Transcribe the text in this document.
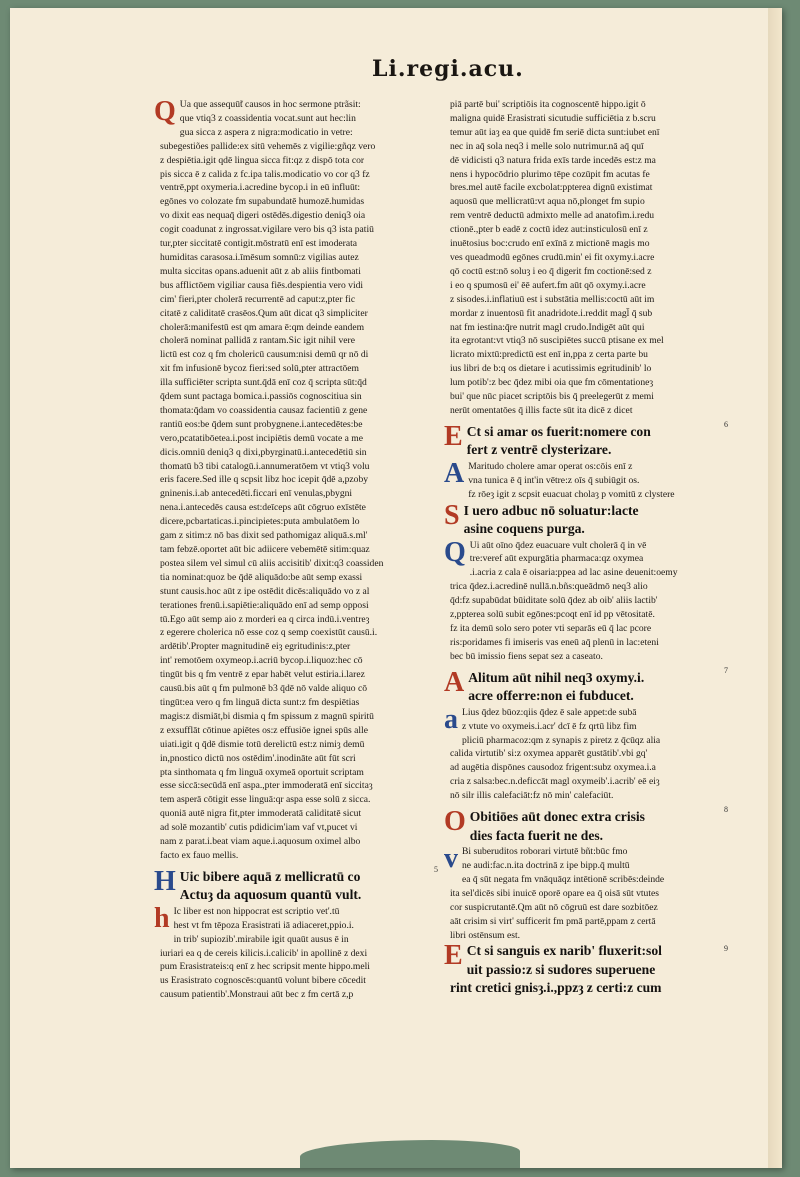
Li.regi.acu.
Q Ua que assequū̃t causos in hoc sermone ptrãsit:
que vtiq3 z coassidentia vocat.sunt aut hec:lin
gua sicca z aspera z nigra:modicatio in vetre:
subegestiões pallide:ex sitū vehemēs z vigilie:gñqz vero
z despiētia.igit qdē lingua sicca fit:qz z dispō tota cor
pis sicca ē z calida z fc.ipa talis.modicatio vo cor q3 fz
ventrē,ppt oxymeria.i.acredine bycop.i in eū influūt:
egōnes vo colozate fm supabundatē humozē.humidas
vo dixit eas nequaq̄ digeri ostēdēs.digestio deniq3 oia
cogit coadunat z ingrossat.vigilare vero bis q3 ista patiū
tur,pter siccitatē contigit.mōstratū enī est imoderata
humiditas carasosa.i.īmēsum somnū:z vigilias autez
multa siccitas opans.aduenit aūt z ab aliis fintbomati
bus afflictōem vigiliar causa fiēs.despientia vero vidi
cim' fieri,pter cholerā recurrentē ad caput:z,pter fic
citatē z caliditatē crasēos.Qum aūt dicat q3 simpliciter
cholerā:manifestū est qm amara ē:qm deinde eandem
cholerā nominat pallidā z rantam.Sic igit nihil vere
lictū est coz q fm cholericū causum:nisi demū qr nō di
xit fm infusionē bycoz fieri:sed solū,pter attractōem
illa sufficiēter scripta sunt.q̄dā enī coz q̄ scripta sūt:q̄d
q̄dem sunt pactaga bomica.i.passiōs cognoscitiua sin
thomata:q̄dam vo coassidentia causaz facientiū z gene
rantiū eos:be q̄dem sunt probygnene.i.antecedētes:be
vero,pcatatibōetea.i.post incipiētis demū vocate a me
dicis.omniū deniq3 q dixi,pbyrginatū.i.antecedētiū sin
thomatū b3 tibi catalogū.i.annumeratōem vt vtiq3 volu
eris facere.Sed ille q scpsit libz hoc icepit q̄dē a,pzoby
gninenis.i.ab antecedēti.ficcari enī venulas,pbygni
nena.i.antecedēs causa est:deīceps aūt cōgruo exīstēte
dicere,pcbartaticas.i.pincipietes:puta ambulatōem lo
gam z sitim:z nō bas dixit sed pathomigaz aliquā.s.ml'
tam febzē.oportet aūt bic adiicere vebemētē sitim:quaz
postea silem vel simul cū aliis accisitib' dixit:q3 coassiden
tia nominat:quoz be q̄dē aliquādo:be aūt semp exassi
stunt causis.hoc aūt z ipe ostēdit dicēs:aliquādo vo z al
terationes frenū.i.sapiētie:aliquādo enī ad semp opposi
tū.Ego aūt semp aio z morderi ea q circa indū.i.ventreȝ
z egerere cholerica nō esse coz q semp coexistūt causū.i.
ardētib'.Propter magnitudinē eiȝ egritudinis:z,pter
int' remotōem oxymeop.i.acriū bycop.i.liquoz:hec cō
tingūt bis q fm ventrē z epar habēt velut estiria.i.larez
causū.bis aūt q fm pulmonē b3 q̄dē nō valde aliquo cō
tingūt:ea vero q fm linguā dicta sunt:z fm despiētias
magis:z dismiāt,bi dismia q fm spissum z magnū spiritū
z exsufflāt cōtinue apiētes os:z effusiōe ignei spūs alle
uiati.igit q q̄dē dismie totū derelictū est:z nimiȝ demū
in,pnostico dictū nos ostēdim'.inodināte aūt fūt scri
pta sinthomata q fm linguā oxymeā oportuit scriptam
esse siccā:secūdā enī aspa.,pter immoderatā enī siccitaȝ
tem asperā cōtigit esse linguā:qr aspa esse solū z sicca.
quoniā autē nigra fit,pter immoderatā caliditatē sicut
ad solē mozantib' cutis pdidicim'iam vaf vt,pucet vi
nam z parat.i.beat viam aque.i.aquosum oximel albo
facto ex fauo mellis.
5
H Uic bibere aquā z mellicratū co
Actuȝ da aquosum quantū vult.
h Ic liber est non hippocrat est scriptio vet'.tū
hest vt fm tēpoza Erasistrati iā adiaceret,ppio.i.
in trib' supiozib'.mirabile igit quaūt ausus ē in
iuriari ea q de cereis kilicis.i.calicib' in apollinē z dexi
pum Erasistrateis:q enī z hec scripsit mente hippo.meli
us Erasistrato cognoscēs:quantū volunt bibere cōcedit
causum patientib'.Monstraui aūt bec z fm certā z,p
piā partē bui' scriptiōis ita cognoscentē hippo.igit ō
maligna quidē Erasistrati sicutudie sufficiētia z b.scru
temur aūt iaȝ ea que quidē fm seriē dicta sunt:iubet enī
nec in aq̄ sola neq3 i melle solo nutrimur.nā aq̄ quī
dē vidicisti q3 natura frida exīs tarde incedēs est:z ma
nens i hypocōdrio plurimo tēpe cozūpit fm acutas fe
bres.mel autē facile excbolat:ppterea dignū existimat
aquosū que mellicratū:vt aqua nō,plonget fm supio
rem ventrē deductū admixto melle ad anatofim.i.redu
ctionē.,pter b eadē z coctū idez aut:insticulosū enī z
inuētosius boc:crudo enī exīnā z mictionē magis mo
ves queadmodū egōnes crudū.min' ei fit oxymy.i.acre
qō coctū est:nō soluȝ i eo q̄ digerit fm coctionē:sed z
i eo q spumosū ei' ēē aufert.fm aūt qō oxymy.i.acre
z sisodes.i.inflatiuū est i substātia mellis:coctū aūt im
mordar z inuentosū fit anadridote.i.reddit magl̄ q̄ sub
nat fm iestina:q̄re nutrit magl crudo.Indigēt aūt qui
ita egrotant:vt vtiq3 nō suscipiētes succū ptisane ex mel
licrato mixtū:predictū est enī in,ppa z certa parte bu
ius libri de b:q os dietare i acutissimis egritudinib' lo
lum potib':z bec q̄dez mibi oia que fm cōmentationeȝ
bui' que nūc piacet scriptōis bis q̄ preelegerūt z memi
nerūt omentatōes q̄ illis facte sūt ita dicē z dicet
6
E Ct si amar os fuerit:nomere con
fert z ventrē clysterizare.
A Maritudo cholere amar operat os:cōis enī z
vna tunica ē q̄ int'in vētre:z oīs q̄ subiūgit os.
fz rōeȝ igit z scpsit euacuat cholaȝ p vomitū z clystere
S I uero adbuc nō soluatur:lacte
asine coquens purga.
Q Ui aūt oīno q̄dez euacuare vult cholerā q̄ in vē
tre:veref aūt expurgātia pharmaca:qz oxymea
.i.acria z cala ē oisaria:ppea ad lac asine deuenit:oemy
trica q̄dez.i.acredinē nullā.n.bñs:queādmō neq3 alio
q̄d:fz supabūdat būiditate solū q̄dez ab oib' aliis lactib'
z,ppterea solū subit egōnes:pcoqt enī id pp vētositatē.
fz ita demū solo sero poter vti separās eū q̄ lac pcore
ris:poridames fi imiseris vas eneū aq̄ plenū in lac:eteni
bec bū imissio fiens sepat sez a caseato.
7
A Alitum aūt nihil neq3 oxymy.i.
acre offerre:non ei fubducet.
a Lius q̄dez būoz:qiis q̄dez ē sale appet:de subā
z vtute vo oxymeis.i.acr' dcī ē fz qrtū libz fim
pliciū pharmacoz:qm z synapis z piretz z q̄cūqz alia
calida virtutib' si:z oxymea apparēt gustātib'.vbi gq'
ad augētia dispōnes causodoz frigent:subz oxymea.i.a
cria z salsa:bec.n.deficcāt magl oxymeib'.i.acrib' eē eiȝ
nō silr illis calefaciāt:fz nō min' calefaciūt.
8
O Obitiōes aūt donec extra crisis
dies facta fuerit ne des.
v Bi suberuditos roborari virtutē bñt:būc fmo
ne audi:fac.n.ita doctrinā z ipe bipp.q̄ multū
ea q̄ sūt negata fm vnāquāqz intētionē scribēs:deinde
ita sel'dicēs sibi inuicē oporē opare ea q̄ oisā sūt vtutes
cor suspicrutantē.Qm aūt nō cōgruū est dare sozbitōez
aāt crisim si virt' sufficerit fm pmā partē,ppam z certā
libri ostēnsum est.
9
E Ct si sanguis ex narib' fluxerit:sol
uit passio:z si sudores superuene
rint cretici gnisȝ.i.,ppzȝ z certi:z cum
